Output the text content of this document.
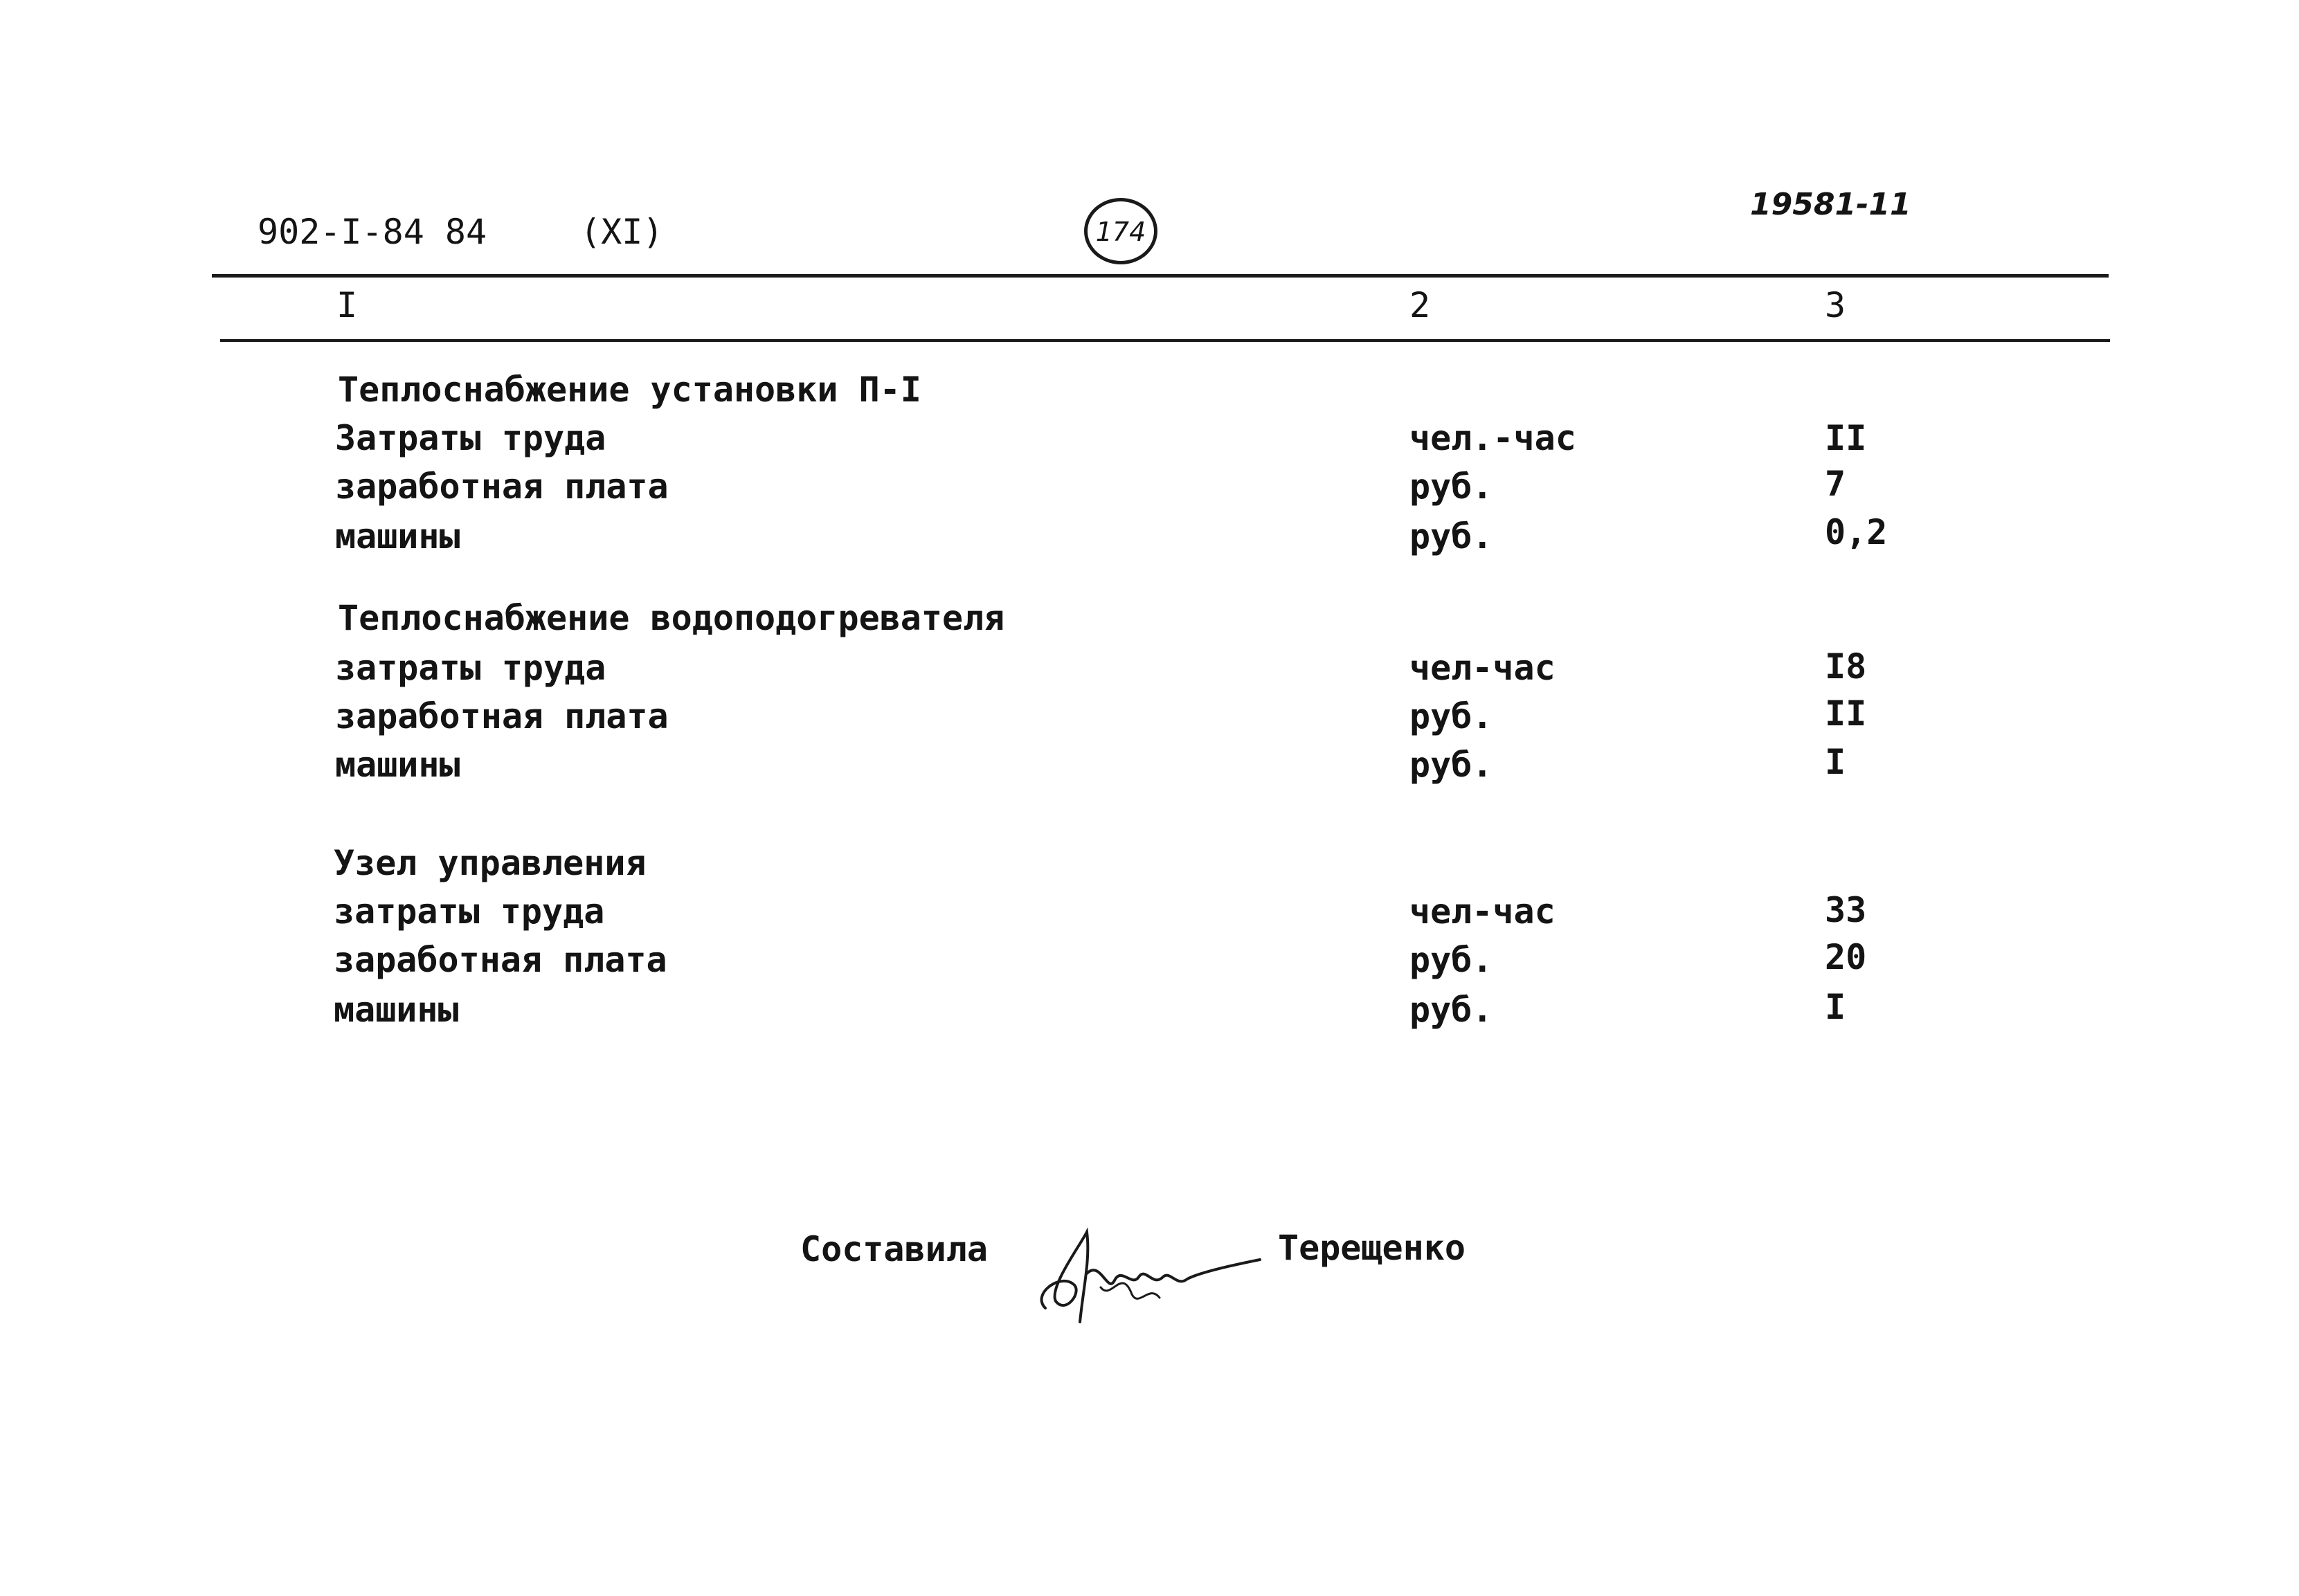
902-I-84 84	(XI)	174
19581-11
I	2	3
Теплоснабжение установки П-I
Затраты труда	чел.-час	II
заработная плата	руб.	7
машины	руб.	0,2
Теплоснабжение водоподогревателя
затраты труда	чел-час	I8
заработная плата	руб.	II
машины	руб.	I
Узел управления
затраты труда	чел-час	33
заработная плата	руб.	20
машины	руб.	I
Составила	Терещенко
